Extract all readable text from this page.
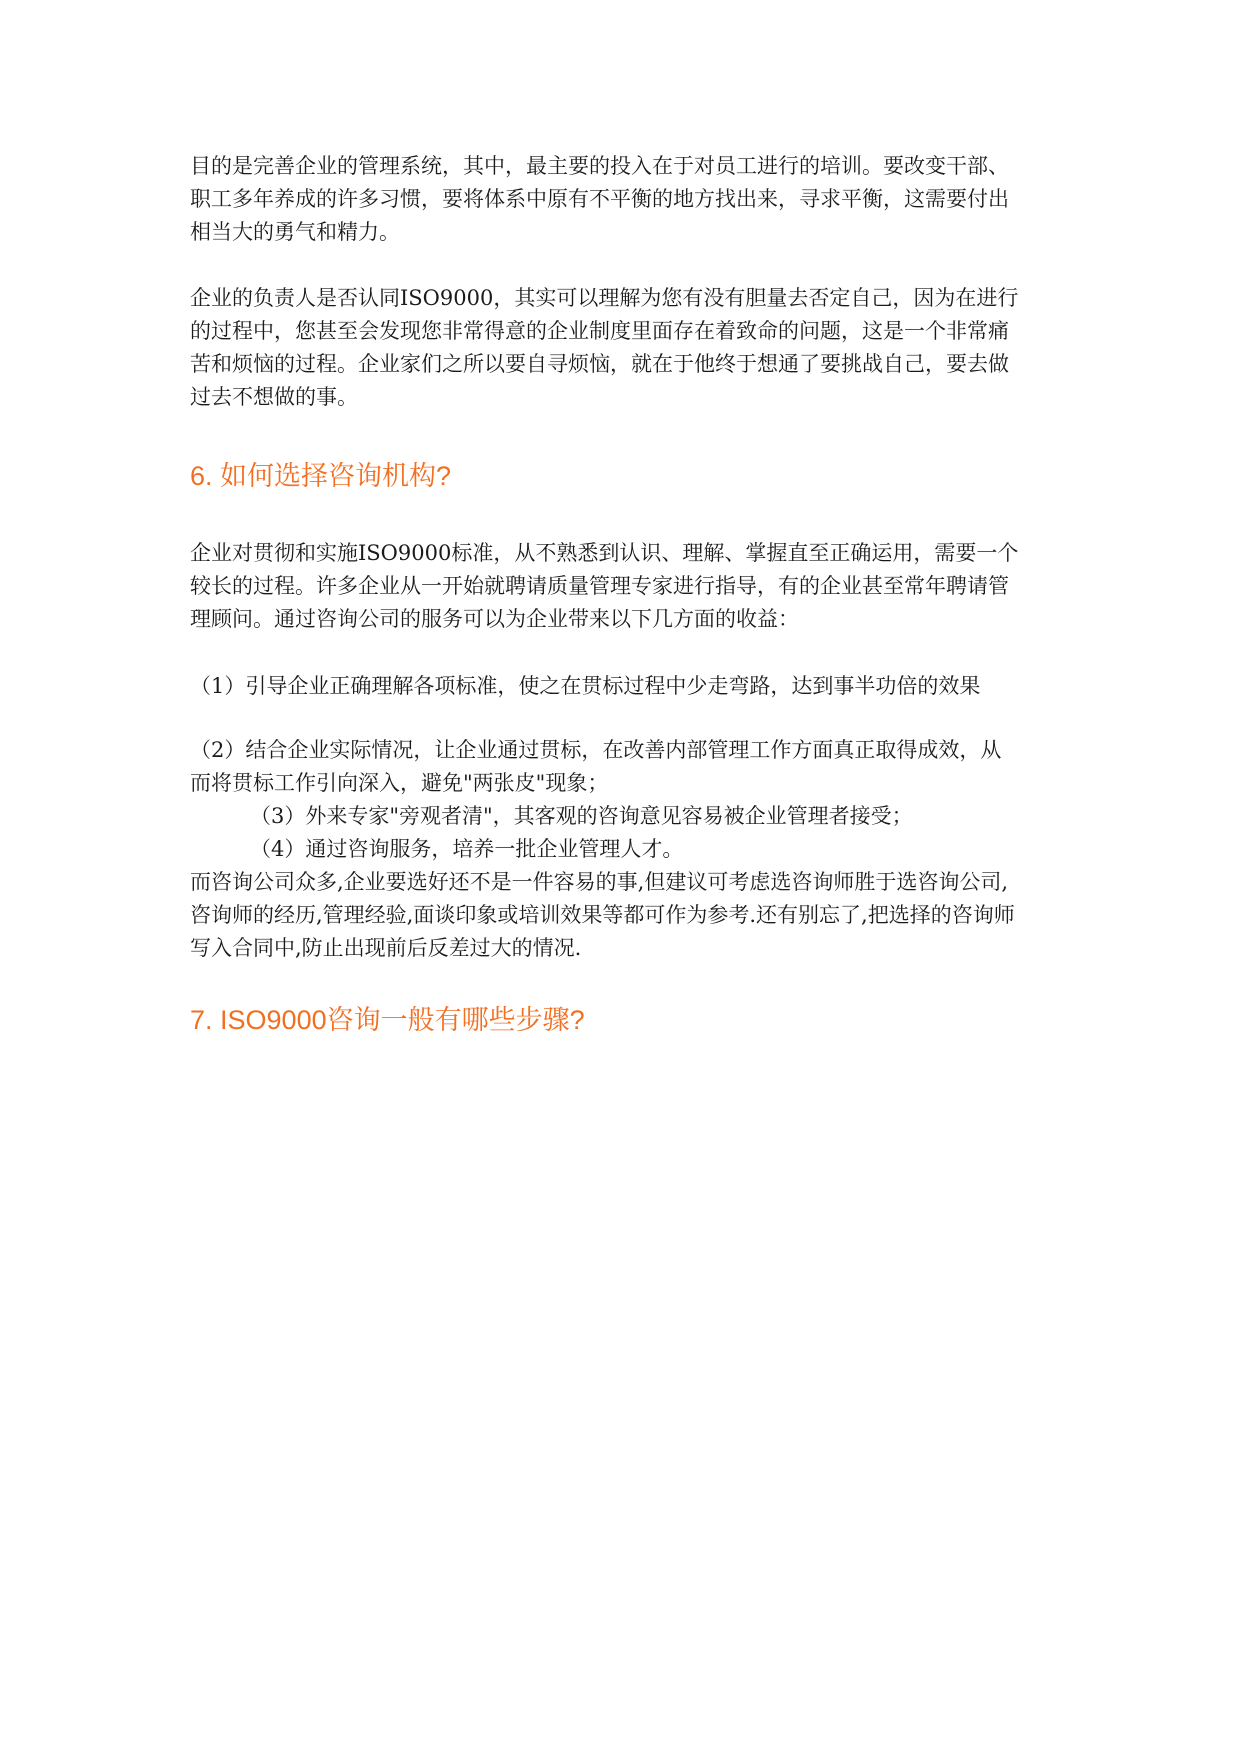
目的是完善企业的管理系统，其中，最主要的投入在于对员工进行的培训。要改变干部、
职工多年养成的许多习惯，要将体系中原有不平衡的地方找出来，寻求平衡，这需要付出
相当大的勇气和精力。

企业的负责人是否认同ISO9000，其实可以理解为您有没有胆量去否定自己，因为在进行
的过程中，您甚至会发现您非常得意的企业制度里面存在着致命的问题，这是一个非常痛
苦和烦恼的过程。企业家们之所以要自寻烦恼，就在于他终于想通了要挑战自己，要去做
过去不想做的事。

6. 如何选择咨询机构?

企业对贯彻和实施ISO9000标准，从不熟悉到认识、理解、掌握直至正确运用，需要一个
较长的过程。许多企业从一开始就聘请质量管理专家进行指导，有的企业甚至常年聘请管
理顾问。通过咨询公司的服务可以为企业带来以下几方面的收益：

（1）引导企业正确理解各项标准，使之在贯标过程中少走弯路，达到事半功倍的效果

（2）结合企业实际情况，让企业通过贯标，在改善内部管理工作方面真正取得成效，从
而将贯标工作引向深入，避免"两张皮"现象；

（3）外来专家"旁观者清"，其客观的咨询意见容易被企业管理者接受；

（4）通过咨询服务，培养一批企业管理人才。

而咨询公司众多,企业要选好还不是一件容易的事,但建议可考虑选咨询师胜于选咨询公司,
咨询师的经历,管理经验,面谈印象或培训效果等都可作为参考.还有别忘了,把选择的咨询师
写入合同中,防止出现前后反差过大的情况.

7. ISO9000咨询一般有哪些步骤?
